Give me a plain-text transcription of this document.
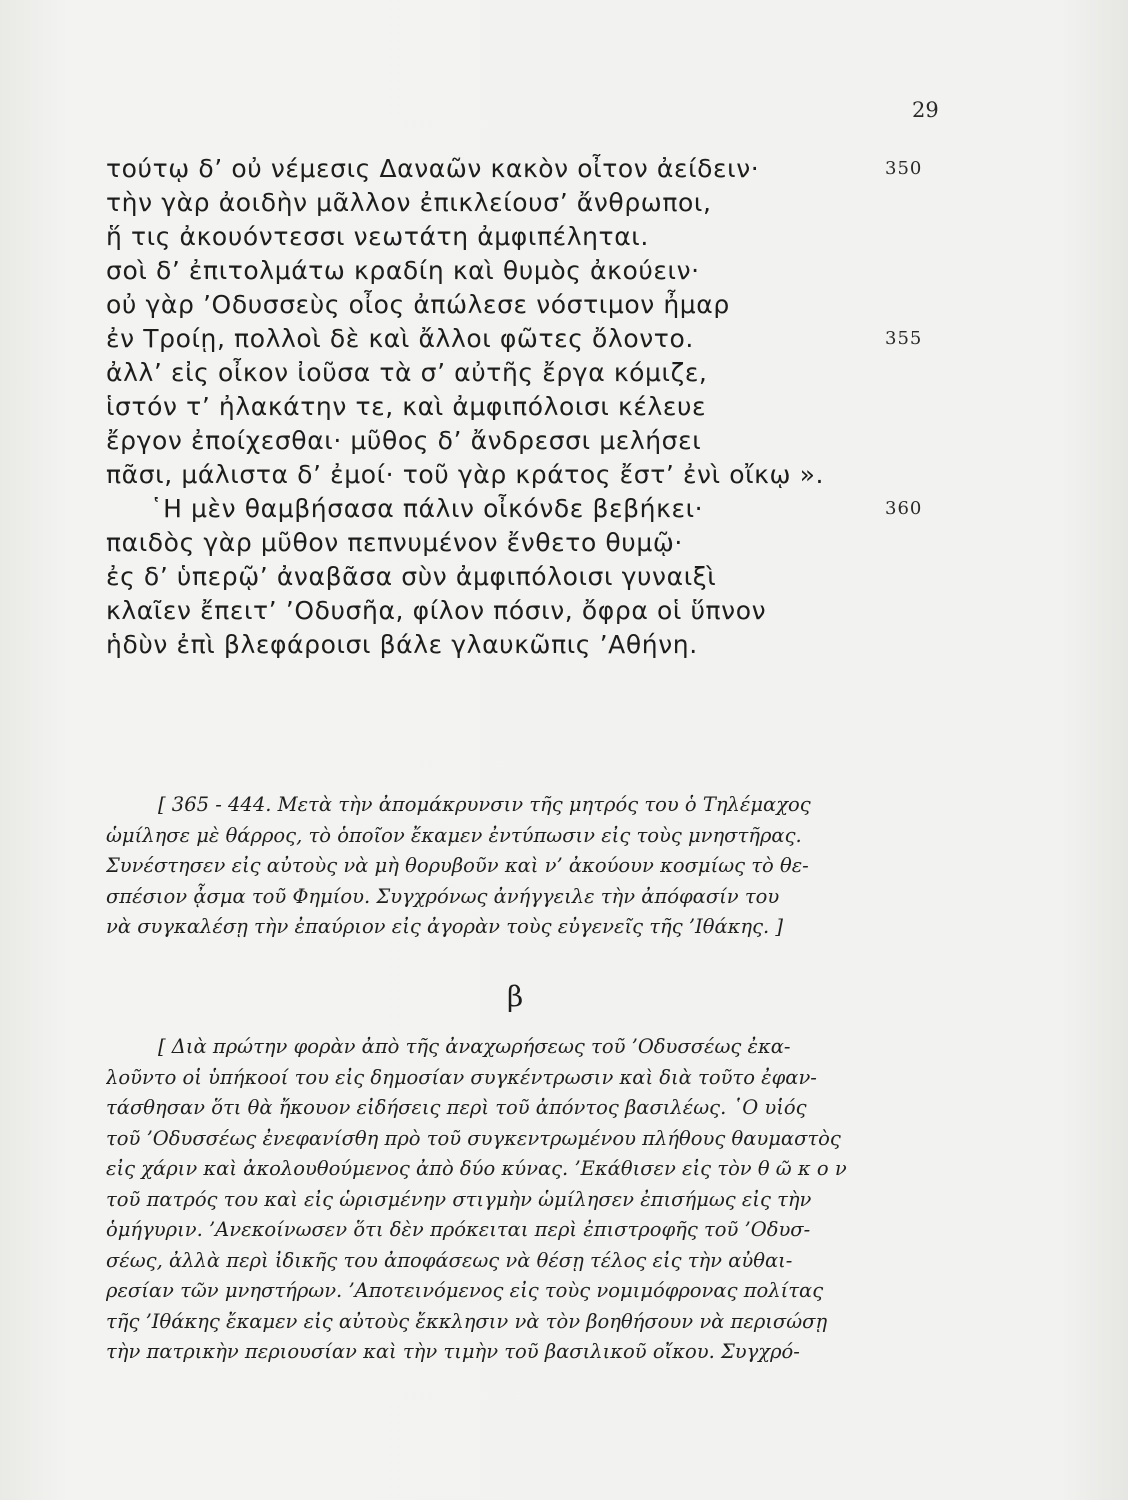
29
τούτῳ δ’ οὐ νέμεσις Δαναῶν κακὸν οἶτον ἀείδειν·	350
τὴν γὰρ ἀοιδὴν μᾶλλον ἐπικλείουσ’ ἄνθρωποι,
ἥ τις ἀκουόντεσσι νεωτάτη ἀμφιπέληται.
σοὶ δ’ ἐπιτολμάτω κραδίη καὶ θυμὸς ἀκούειν·
οὐ γὰρ ’Οδυσσεὺς οἶος ἀπώλεσε νόστιμον ἦμαρ
ἐν Τροίῃ, πολλοὶ δὲ καὶ ἄλλοι φῶτες ὄλοντο.	355
ἀλλ’ εἰς οἶκον ἰοῦσα τὰ σ’ αὐτῆς ἔργα κόμιζε,
ἱστόν τ’ ἠλακάτην τε, καὶ ἀμφιπόλοισι κέλευε
ἔργον ἐποίχεσθαι· μῦθος δ’ ἄνδρεσσι μελήσει
πᾶσι, μάλιστα δ’ ἐμοί· τοῦ γὰρ κράτος ἔστ’ ἐνὶ οἴκῳ ».
῾Η μὲν θαμβήσασα πάλιν οἶκόνδε βεβήκει·	360
παιδὸς γὰρ μῦθον πεπνυμένον ἔνθετο θυμῷ·
ἐς δ’ ὑπερῷ’ ἀναβᾶσα σὺν ἀμφιπόλοισι γυναιξὶ
κλαῖεν ἔπειτ’ ’Οδυσῆα, φίλον πόσιν, ὄφρα οἱ ὕπνον
ἡδὺν ἐπὶ βλεφάροισι βάλε γλαυκῶπις ’Αθήνη.
[ 365 - 444. Μετὰ τὴν ἀπομάκρυνσιν τῆς μητρός του ὁ Τηλέμαχος
ὡμίλησε μὲ θάρρος, τὸ ὁποῖον ἔκαμεν ἐντύπωσιν εἰς τοὺς μνηστῆρας.
Συνέστησεν εἰς αὐτοὺς νὰ μὴ θορυβοῦν καὶ ν’ ἀκούουν κοσμίως τὸ θε-
σπέσιον ᾆσμα τοῦ Φημίου. Συγχρόνως ἀνήγγειλε τὴν ἀπόφασίν του
νὰ συγκαλέσῃ τὴν ἐπαύριον εἰς ἀγορὰν τοὺς εὐγενεῖς τῆς ’Ιθάκης. ]
β
[ Διὰ πρώτην φορὰν ἀπὸ τῆς ἀναχωρήσεως τοῦ ’Οδυσσέως ἐκα-
λοῦντο οἱ ὑπήκοοί του εἰς δημοσίαν συγκέντρωσιν καὶ διὰ τοῦτο ἐφαν-
τάσθησαν ὅτι θὰ ἤκουον εἰδήσεις περὶ τοῦ ἀπόντος βασιλέως. ῾Ο υἱός
τοῦ ’Οδυσσέως ἐνεφανίσθη πρὸ τοῦ συγκεντρωμένου πλήθους θαυμαστὸς
εἰς χάριν καὶ ἀκολουθούμενος ἀπὸ δύο κύνας. ’Εκάθισεν εἰς τὸν θ ῶ κ ο ν
τοῦ πατρός του καὶ εἰς ὡρισμένην στιγμὴν ὡμίλησεν ἐπισήμως εἰς τὴν
ὁμήγυριν. ’Ανεκοίνωσεν ὅτι δὲν πρόκειται περὶ ἐπιστροφῆς τοῦ ’Οδυσ-
σέως, ἀλλὰ περὶ ἰδικῆς του ἀποφάσεως νὰ θέσῃ τέλος εἰς τὴν αὐθαι-
ρεσίαν τῶν μνηστήρων. ’Αποτεινόμενος εἰς τοὺς νομιμόφρονας πολίτας
τῆς ’Ιθάκης ἔκαμεν εἰς αὐτοὺς ἔκκλησιν νὰ τὸν βοηθήσουν νὰ περισώσῃ
τὴν πατρικὴν περιουσίαν καὶ τὴν τιμὴν τοῦ βασιλικοῦ οἴκου. Συγχρό-
